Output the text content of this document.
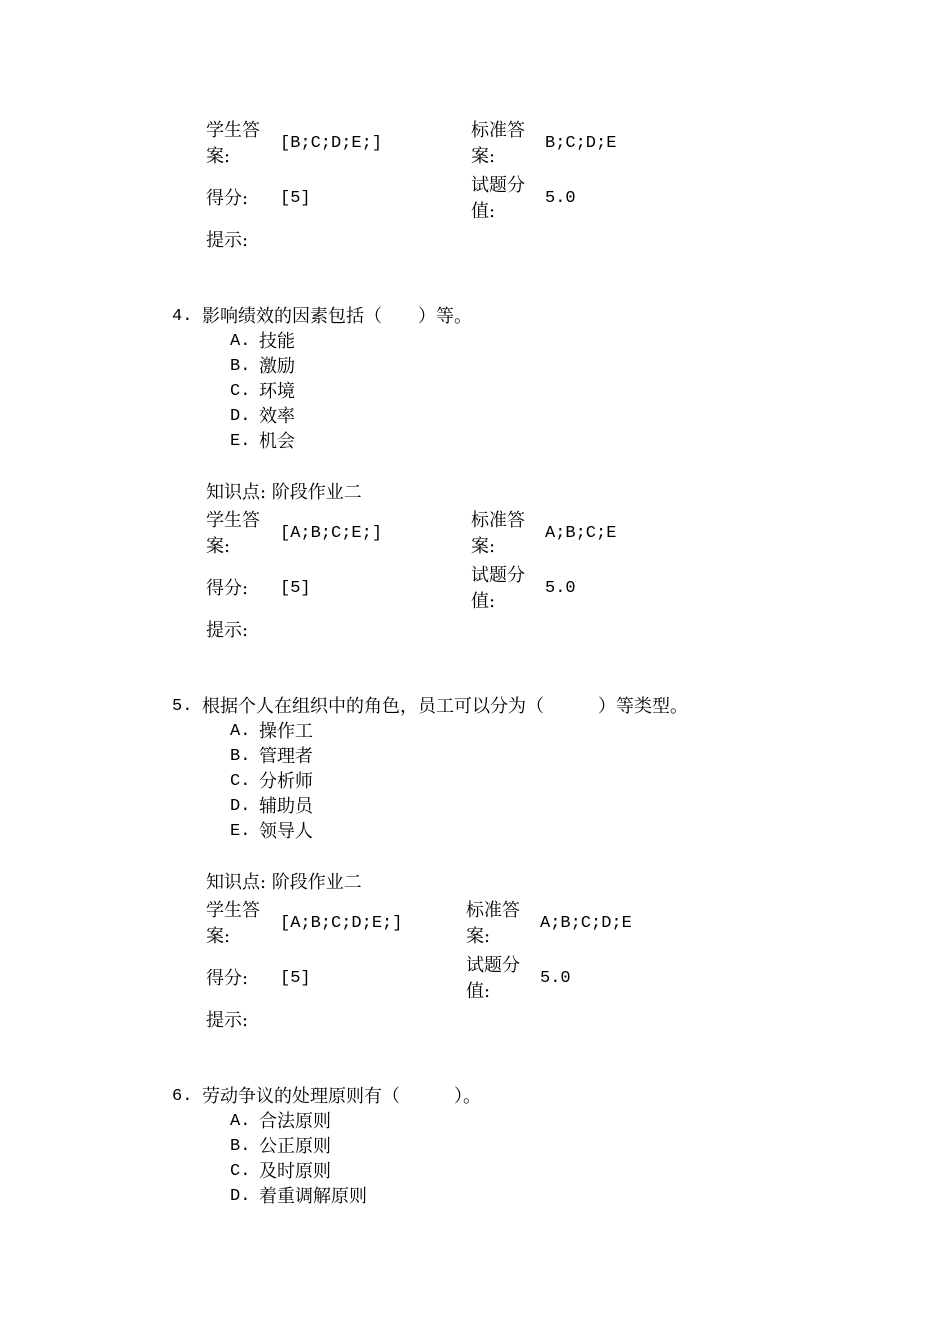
学生答
案:
[B;C;D;E;]
标准答
案:
B;C;D;E
得分: [5]
试题分
值:
5.0
提示:
4. 影响绩效的因素包括（　　）等。
A. 技能
B. 激励
C. 环境
D. 效率
E. 机会
知识点: 阶段作业二
学生答
案:
[A;B;C;E;]
标准答
案:
A;B;C;E
得分: [5]
试题分
值:
5.0
提示:
5. 根据个人在组织中的角色，员工可以分为（　　　）等类型。
A. 操作工
B. 管理者
C. 分析师
D. 辅助员
E. 领导人
知识点: 阶段作业二
学生答
案:
[A;B;C;D;E;]
标准答
案:
A;B;C;D;E
得分: [5]
试题分
值:
5.0
提示:
6. 劳动争议的处理原则有（　　　）。
A. 合法原则
B. 公正原则
C. 及时原则
D. 着重调解原则
